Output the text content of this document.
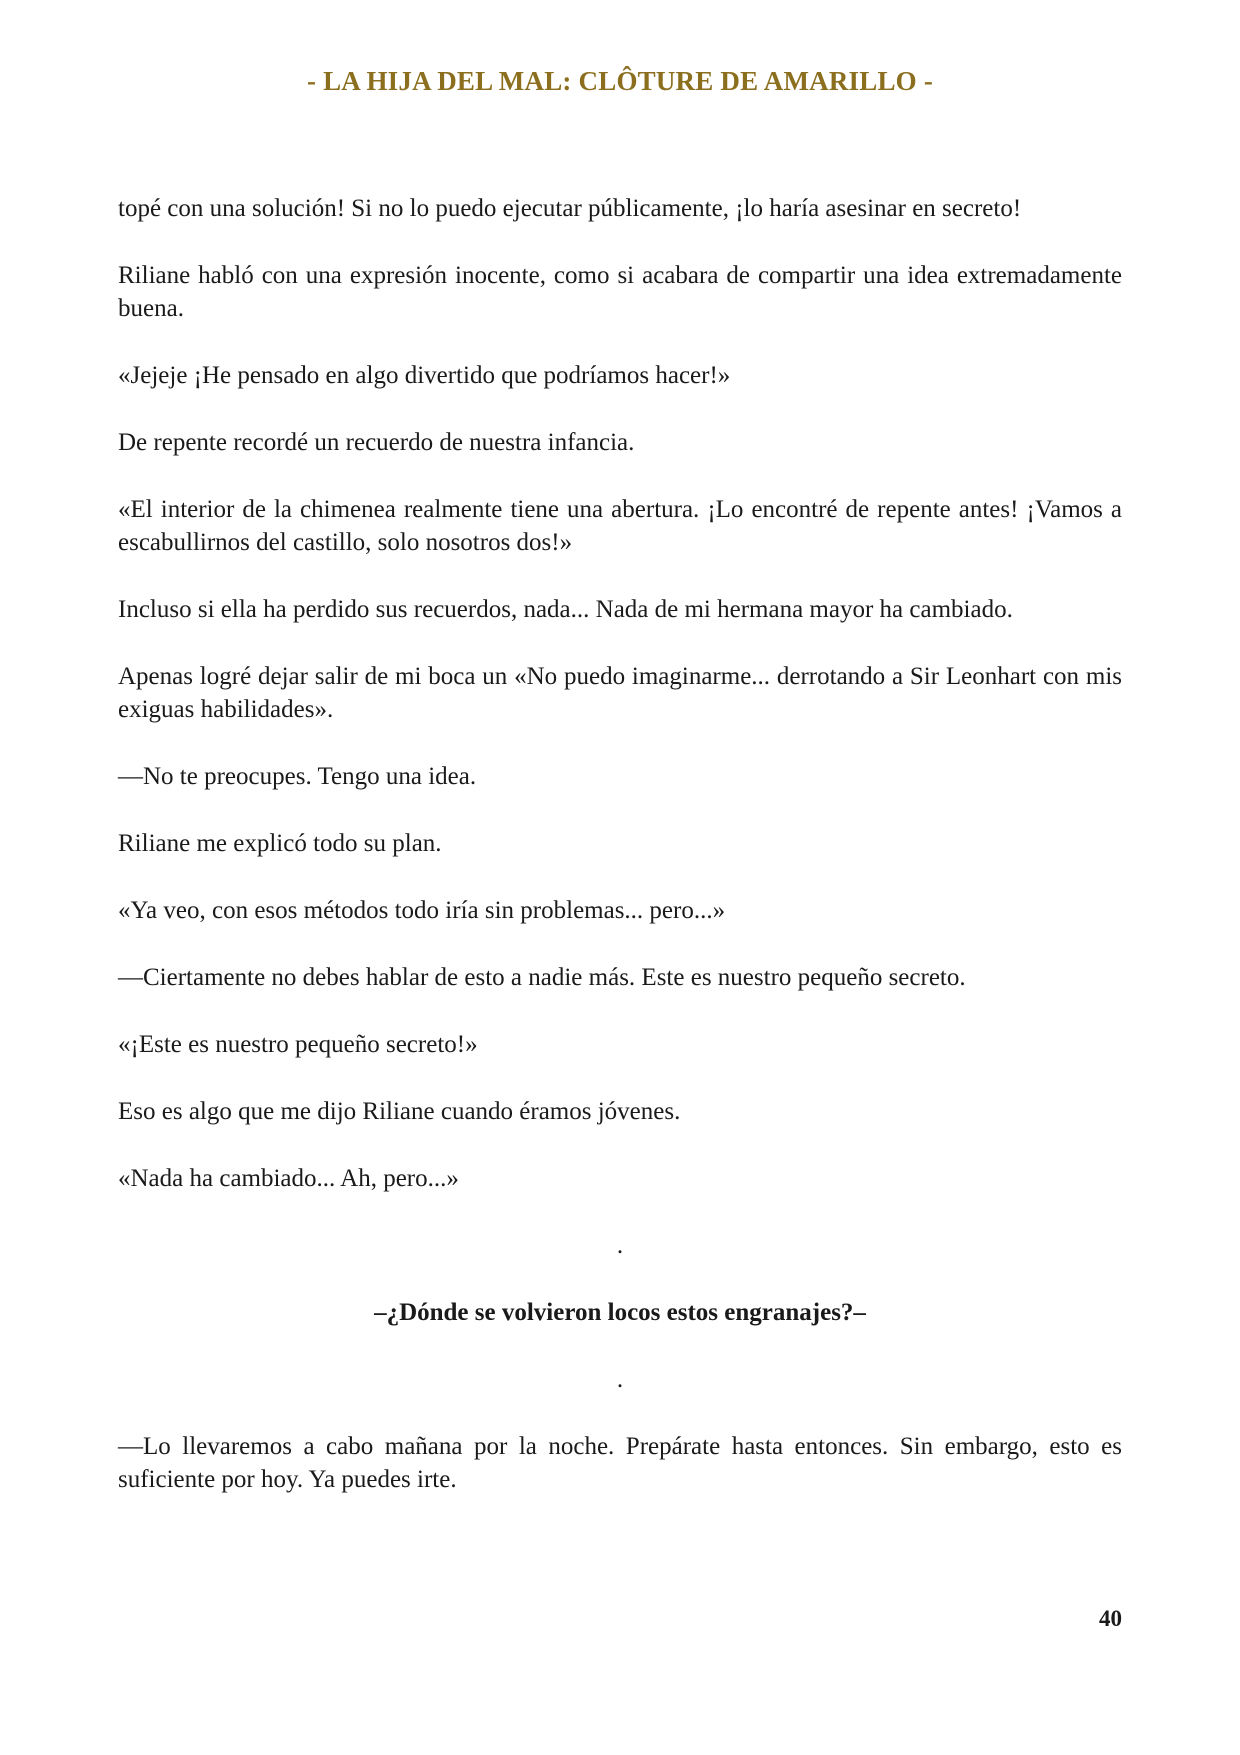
- LA HIJA DEL MAL: CLÔTURE DE AMARILLO -

topé con una solución! Si no lo puedo ejecutar públicamente, ¡lo haría asesinar en secreto!

Riliane habló con una expresión inocente, como si acabara de compartir una idea extremadamente buena.

«Jejeje ¡He pensado en algo divertido que podríamos hacer!»

De repente recordé un recuerdo de nuestra infancia.

«El interior de la chimenea realmente tiene una abertura. ¡Lo encontré de repente antes! ¡Vamos a escabullirnos del castillo, solo nosotros dos!»

Incluso si ella ha perdido sus recuerdos, nada... Nada de mi hermana mayor ha cambiado.

Apenas logré dejar salir de mi boca un «No puedo imaginarme... derrotando a Sir Leonhart con mis exiguas habilidades».

—No te preocupes. Tengo una idea.

Riliane me explicó todo su plan.

«Ya veo, con esos métodos todo iría sin problemas... pero...»

—Ciertamente no debes hablar de esto a nadie más. Este es nuestro pequeño secreto.

«¡Este es nuestro pequeño secreto!»

Eso es algo que me dijo Riliane cuando éramos jóvenes.

«Nada ha cambiado... Ah, pero...»

.
–¿Dónde se volvieron locos estos engranajes?–
.

—Lo llevaremos a cabo mañana por la noche. Prepárate hasta entonces. Sin embargo, esto es suficiente por hoy. Ya puedes irte.

40
